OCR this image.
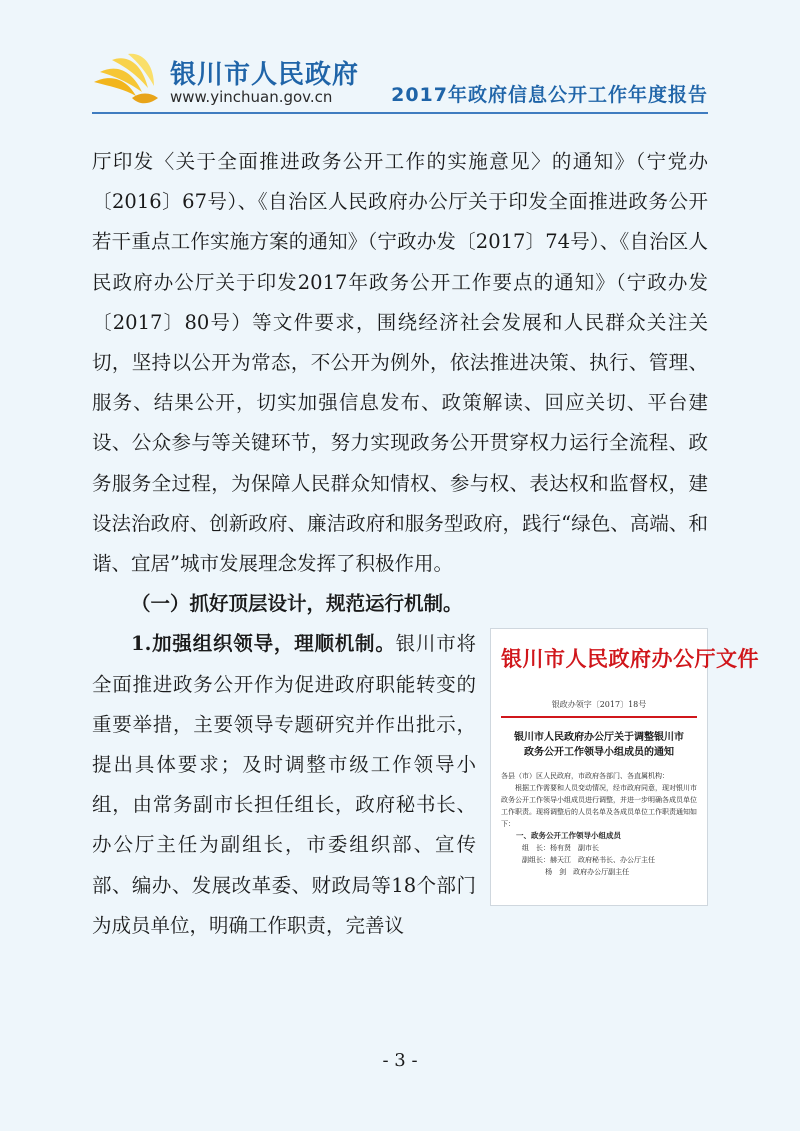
银川市人民政府
www.yinchuan.gov.cn	2017年政府信息公开工作年度报告

厅印发〈关于全面推进政务公开工作的实施意见〉的通知》（宁党办〔2016〕67号）、《自治区人民政府办公厅关于印发全面推进政务公开若干重点工作实施方案的通知》（宁政办发〔2017〕74号）、《自治区人民政府办公厅关于印发2017年政务公开工作要点的通知》（宁政办发〔2017〕80号）等文件要求，围绕经济社会发展和人民群众关注关切，坚持以公开为常态，不公开为例外，依法推进决策、执行、管理、服务、结果公开，切实加强信息发布、政策解读、回应关切、平台建设、公众参与等关键环节，努力实现政务公开贯穿权力运行全流程、政务服务全过程，为保障人民群众知情权、参与权、表达权和监督权，建设法治政府、创新政府、廉洁政府和服务型政府，践行“绿色、高端、和谐、宜居”城市发展理念发挥了积极作用。

（一）抓好顶层设计，规范运行机制。

银川市人民政府办公厅文件
银政办领字〔2017〕18号
银川市人民政府办公厅关于调整银川市
政务公开工作领导小组成员的通知

各县（市）区人民政府，市政府各部门、各直属机构：

根据工作需要和人员变动情况，经市政府同意，现对银川市政务公开工作领导小组成员进行调整，并进一步明确各成员单位工作职责。现将调整后的人员名单及各成员单位工作职责通知如下：

一、政务公开工作领导小组成员

组　长：杨有贤　副市长

副组长：赫天江　政府秘书长、办公厅主任

杨　剑　政府办公厅副主任

1.加强组织领导，理顺机制。银川市将全面推进政务公开作为促进政府职能转变的重要举措，主要领导专题研究并作出批示，提出具体要求；及时调整市级工作领导小组，由常务副市长担任组长，政府秘书长、办公厅主任为副组长，市委组织部、宣传部、编办、发展改革委、财政局等18个部门为成员单位，明确工作职责，完善议

- 3 -
